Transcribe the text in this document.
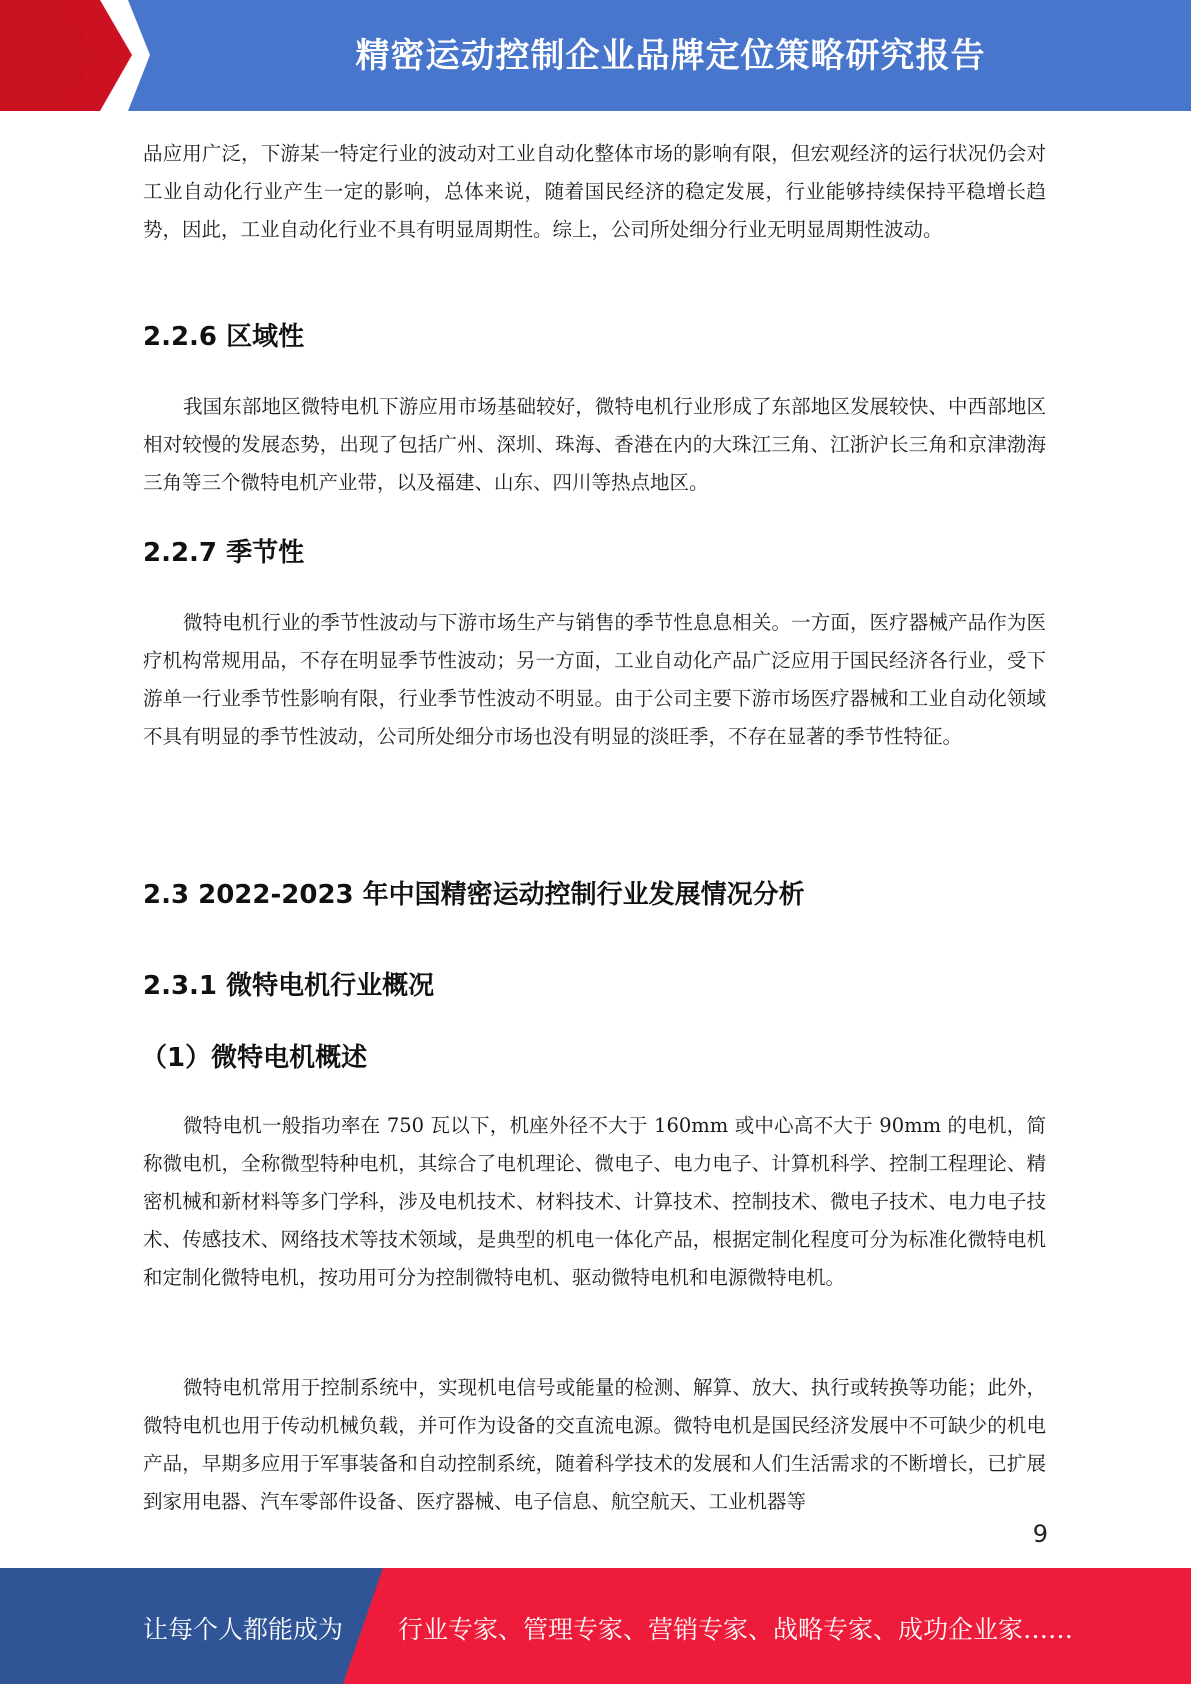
精密运动控制企业品牌定位策略研究报告
品应用广泛，下游某一特定行业的波动对工业自动化整体市场的影响有限，但宏观经济的运行状况仍会对工业自动化行业产生一定的影响，总体来说，随着国民经济的稳定发展，行业能够持续保持平稳增长趋势，因此，工业自动化行业不具有明显周期性。综上，公司所处细分行业无明显周期性波动。
2.2.6 区域性
我国东部地区微特电机下游应用市场基础较好，微特电机行业形成了东部地区发展较快、中西部地区相对较慢的发展态势，出现了包括广州、深圳、珠海、香港在内的大珠江三角、江浙沪长三角和京津渤海三角等三个微特电机产业带，以及福建、山东、四川等热点地区。
2.2.7 季节性
微特电机行业的季节性波动与下游市场生产与销售的季节性息息相关。一方面，医疗器械产品作为医疗机构常规用品，不存在明显季节性波动；另一方面，工业自动化产品广泛应用于国民经济各行业，受下游单一行业季节性影响有限，行业季节性波动不明显。由于公司主要下游市场医疗器械和工业自动化领域不具有明显的季节性波动，公司所处细分市场也没有明显的淡旺季，不存在显著的季节性特征。
2.3 2022-2023 年中国精密运动控制行业发展情况分析
2.3.1 微特电机行业概况
（1）微特电机概述
微特电机一般指功率在 750 瓦以下，机座外径不大于 160mm 或中心高不大于 90mm 的电机，简称微电机，全称微型特种电机，其综合了电机理论、微电子、电力电子、计算机科学、控制工程理论、精密机械和新材料等多门学科，涉及电机技术、材料技术、计算技术、控制技术、微电子技术、电力电子技术、传感技术、网络技术等技术领域，是典型的机电一体化产品，根据定制化程度可分为标准化微特电机和定制化微特电机，按功用可分为控制微特电机、驱动微特电机和电源微特电机。
微特电机常用于控制系统中，实现机电信号或能量的检测、解算、放大、执行或转换等功能；此外，微特电机也用于传动机械负载，并可作为设备的交直流电源。微特电机是国民经济发展中不可缺少的机电产品，早期多应用于军事装备和自动控制系统，随着科学技术的发展和人们生活需求的不断增长，已扩展到家用电器、汽车零部件设备、医疗器械、电子信息、航空航天、工业机器等
9
让每个人都能成为 行业专家、管理专家、营销专家、战略专家、成功企业家……
